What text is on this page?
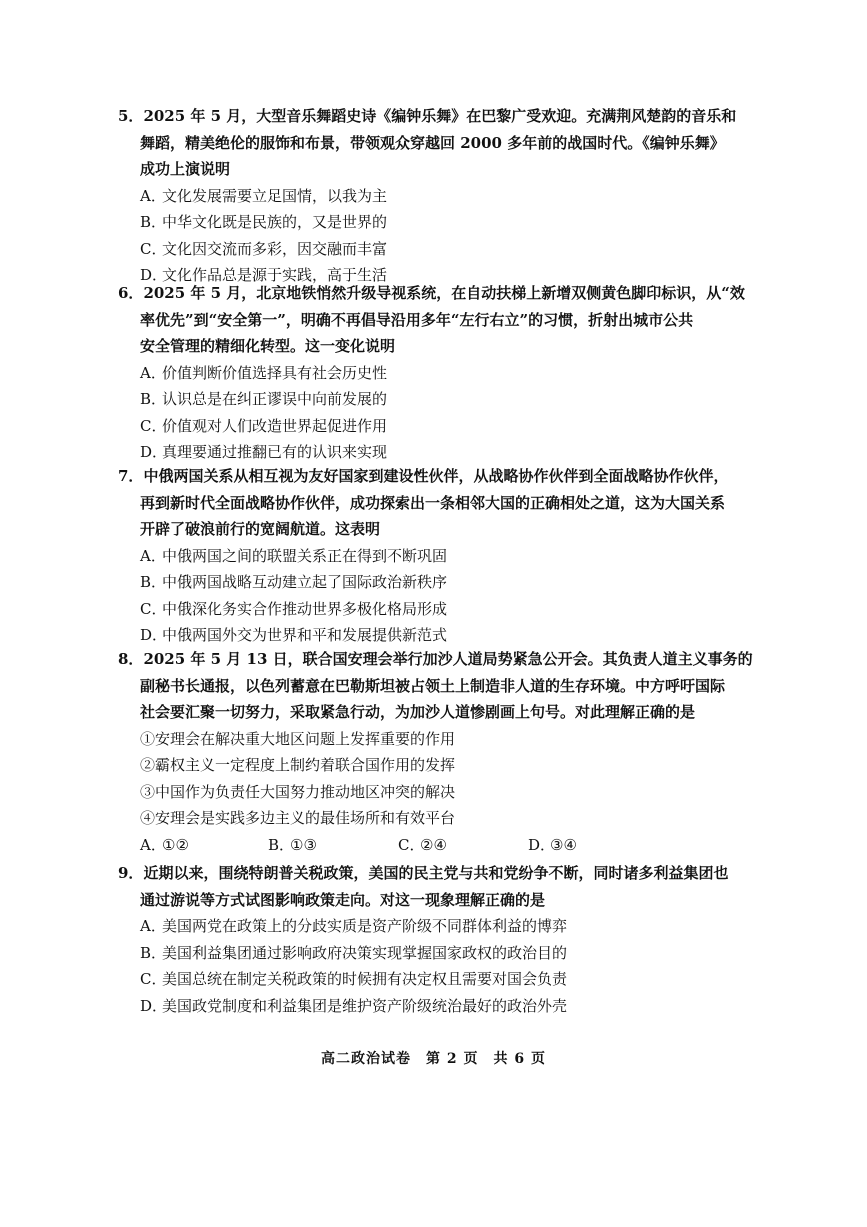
5．2025 年 5 月，大型音乐舞蹈史诗《编钟乐舞》在巴黎广受欢迎。充满荆风楚韵的音乐和
舞蹈，精美绝伦的服饰和布景，带领观众穿越回 2000 多年前的战国时代。《编钟乐舞》
成功上演说明

A．文化发展需要立足国情，以我为主

B．中华文化既是民族的，又是世界的

C．文化因交流而多彩，因交融而丰富

D．文化作品总是源于实践，高于生活

6．2025 年 5 月，北京地铁悄然升级导视系统，在自动扶梯上新增双侧黄色脚印标识，从“效
率优先”到“安全第一”，明确不再倡导沿用多年“左行右立”的习惯，折射出城市公共
安全管理的精细化转型。这一变化说明

A．价值判断价值选择具有社会历史性

B．认识总是在纠正谬误中向前发展的

C．价值观对人们改造世界起促进作用

D．真理要通过推翻已有的认识来实现

7．中俄两国关系从相互视为友好国家到建设性伙伴，从战略协作伙伴到全面战略协作伙伴，
再到新时代全面战略协作伙伴，成功探索出一条相邻大国的正确相处之道，这为大国关系
开辟了破浪前行的宽阔航道。这表明

A．中俄两国之间的联盟关系正在得到不断巩固

B．中俄两国战略互动建立起了国际政治新秩序

C．中俄深化务实合作推动世界多极化格局形成

D．中俄两国外交为世界和平和发展提供新范式

8．2025 年 5 月 13 日，联合国安理会举行加沙人道局势紧急公开会。其负责人道主义事务的
副秘书长通报，以色列蓄意在巴勒斯坦被占领土上制造非人道的生存环境。中方呼吁国际
社会要汇聚一切努力，采取紧急行动，为加沙人道惨剧画上句号。对此理解正确的是

①安理会在解决重大地区问题上发挥重要的作用

②霸权主义一定程度上制约着联合国作用的发挥

③中国作为负责任大国努力推动地区冲突的解决

④安理会是实践多边主义的最佳场所和有效平台

A．①②	B．①③	C．②④	D．③④

9．近期以来，围绕特朗普关税政策，美国的民主党与共和党纷争不断，同时诸多利益集团也
通过游说等方式试图影响政策走向。对这一现象理解正确的是

A．美国两党在政策上的分歧实质是资产阶级不同群体利益的博弈

B．美国利益集团通过影响政府决策实现掌握国家政权的政治目的

C．美国总统在制定关税政策的时候拥有决定权且需要对国会负责

D．美国政党制度和利益集团是维护资产阶级统治最好的政治外壳

高二政治试卷　第 2 页　共 6 页
